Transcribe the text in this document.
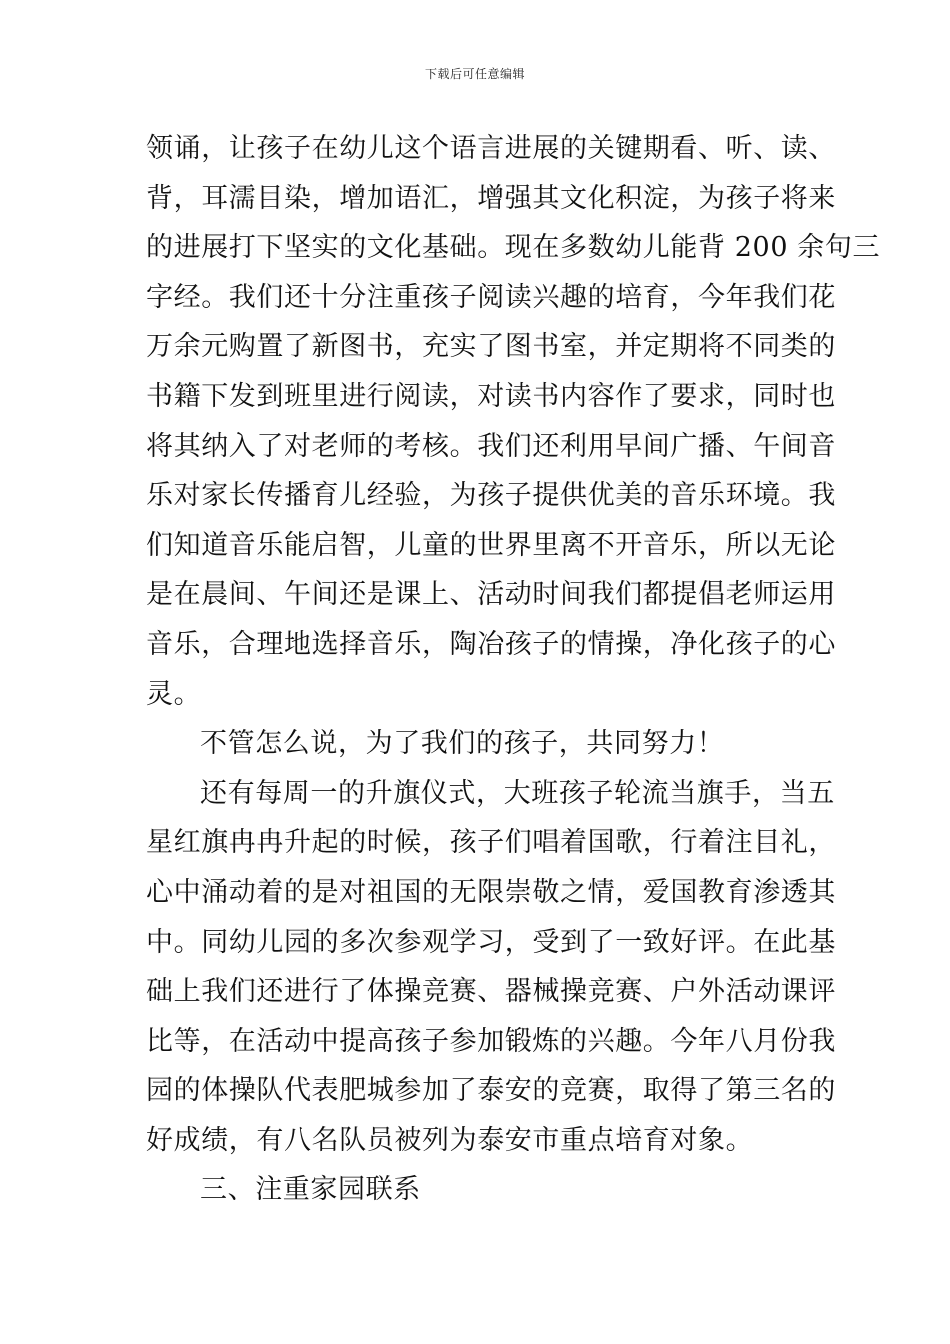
下载后可任意编辑
领诵，让孩子在幼儿这个语言进展的关键期看、听、读、
背，耳濡目染，增加语汇，增强其文化积淀，为孩子将来
的进展打下坚实的文化基础。现在多数幼儿能背 200 余句三
字经。我们还十分注重孩子阅读兴趣的培育，今年我们花
万余元购置了新图书，充实了图书室，并定期将不同类的
书籍下发到班里进行阅读，对读书内容作了要求，同时也
将其纳入了对老师的考核。我们还利用早间广播、午间音
乐对家长传播育儿经验，为孩子提供优美的音乐环境。我
们知道音乐能启智，儿童的世界里离不开音乐，所以无论
是在晨间、午间还是课上、活动时间我们都提倡老师运用
音乐，合理地选择音乐，陶冶孩子的情操，净化孩子的心
灵。
不管怎么说，为了我们的孩子，共同努力！
还有每周一的升旗仪式，大班孩子轮流当旗手，当五
星红旗冉冉升起的时候，孩子们唱着国歌，行着注目礼，
心中涌动着的是对祖国的无限崇敬之情，爱国教育渗透其
中。同幼儿园的多次参观学习，受到了一致好评。在此基
础上我们还进行了体操竞赛、器械操竞赛、户外活动课评
比等，在活动中提高孩子参加锻炼的兴趣。今年八月份我
园的体操队代表肥城参加了泰安的竞赛，取得了第三名的
好成绩，有八名队员被列为泰安市重点培育对象。
三、注重家园联系
